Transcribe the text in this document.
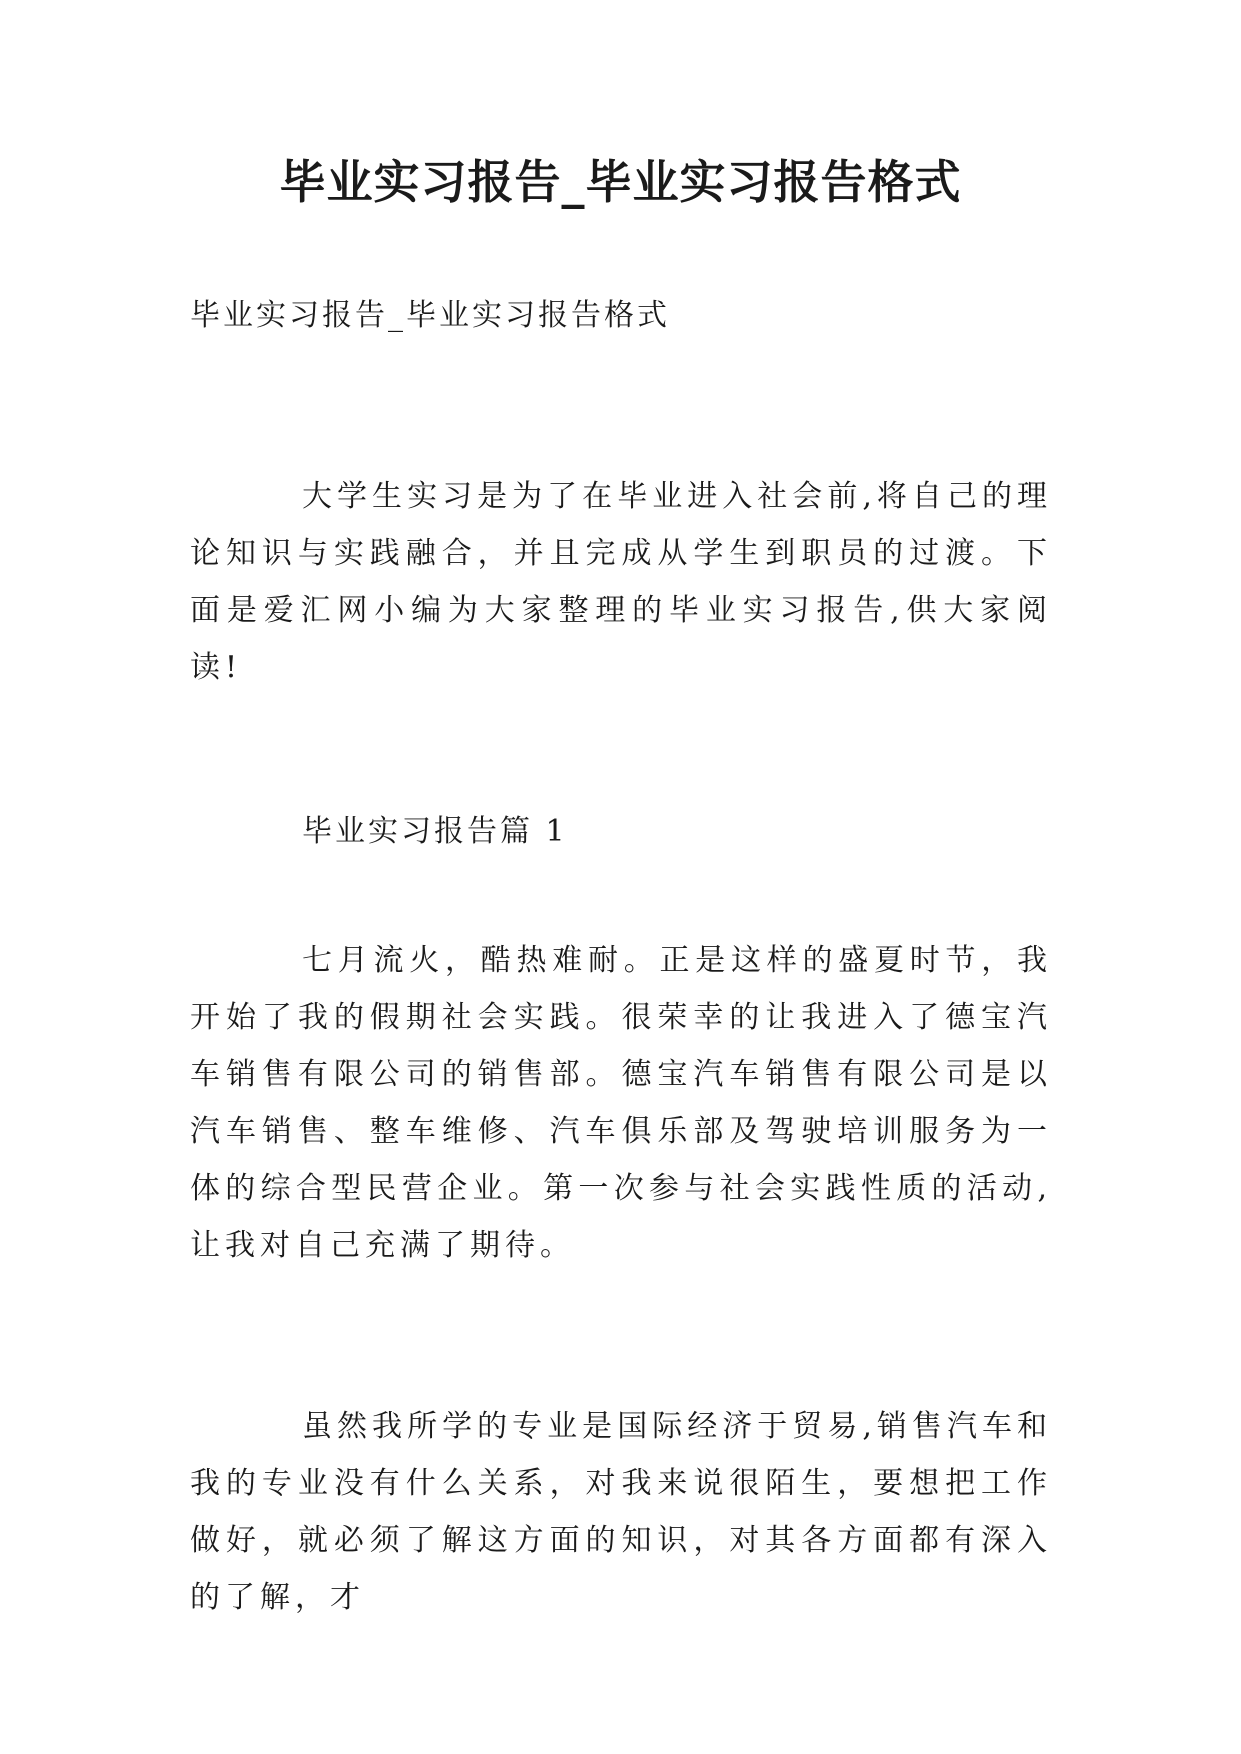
毕业实习报告_毕业实习报告格式

毕业实习报告_毕业实习报告格式

大学生实习是为了在毕业进入社会前,将自己的理论知识与实践融合，并且完成从学生到职员的过渡。下面是爱汇网小编为大家整理的毕业实习报告,供大家阅读!

毕业实习报告篇 1

七月流火，酷热难耐。正是这样的盛夏时节，我开始了我的假期社会实践。很荣幸的让我进入了德宝汽车销售有限公司的销售部。德宝汽车销售有限公司是以汽车销售、整车维修、汽车俱乐部及驾驶培训服务为一体的综合型民营企业。第一次参与社会实践性质的活动,让我对自己充满了期待。

虽然我所学的专业是国际经济于贸易,销售汽车和我的专业没有什么关系，对我来说很陌生，要想把工作做好，就必须了解这方面的知识，对其各方面都有深入的了解，才
